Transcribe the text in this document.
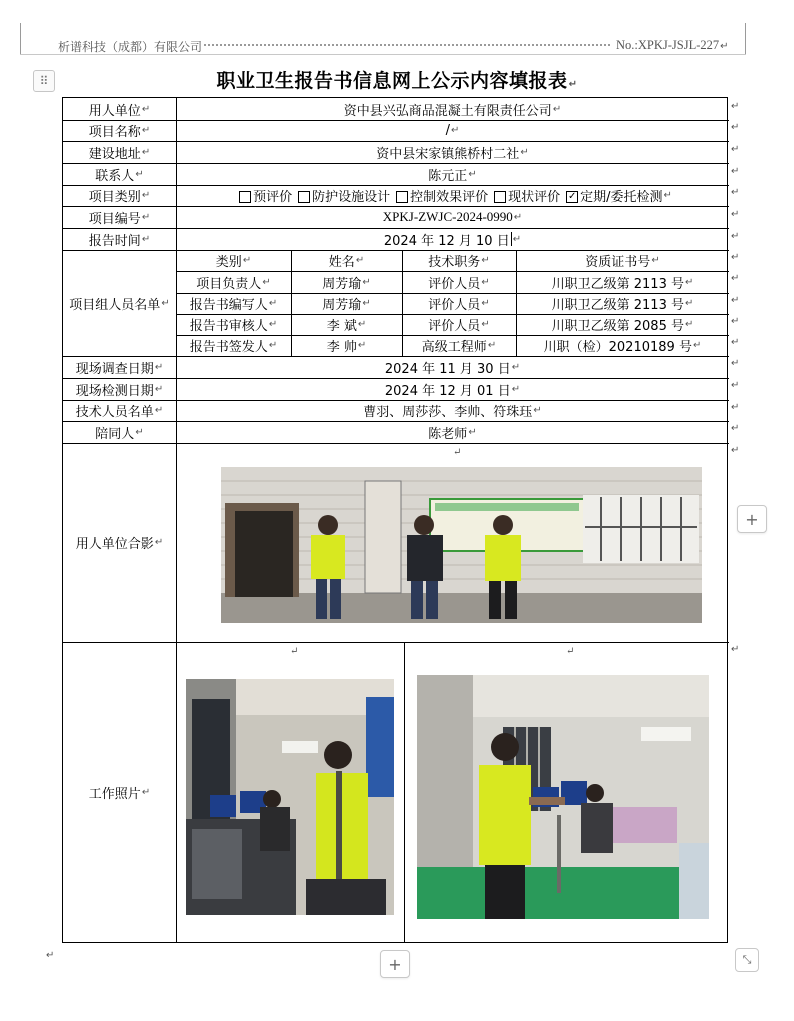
析谱科技（成都）有限公司	No.:XPKJ-JSJL-227↵
⠿	职业卫生报告书信息网上公示内容填报表↵
用人单位 ↵	资中县兴弘商品混凝土有限责任公司 ↵
项目名称 ↵	/ ↵
建设地址 ↵	资中县宋家镇熊桥村二社 ↵
联系人 ↵	陈元正 ↵
项目类别 ↵	预评价 防护设施设计 控制效果评价 现状评价 ✓ 定期/委托检测 ↵
项目编号 ↵	XPKJ-ZWJC-2024-0990 ↵
报告时间 ↵	2024 年 12 月 10 日 ↵
项目组人员名单 ↵
类别 ↵	姓名 ↵	技术职务 ↵	资质证书号 ↵
项目负责人 ↵	周芳瑜 ↵	评价人员 ↵	川职卫乙级第 2113 号 ↵
报告书编写人 ↵	周芳瑜 ↵	评价人员 ↵	川职卫乙级第 2113 号 ↵
报告书审核人 ↵	李 斌 ↵	评价人员 ↵	川职卫乙级第 2085 号 ↵
报告书签发人 ↵	李 帅 ↵	高级工程师 ↵	川职（检）20210189 号 ↵
现场调查日期 ↵	2024 年 11 月 30 日 ↵
现场检测日期 ↵	2024 年 12 月 01 日 ↵
技术人员名单 ↵	曹羽、周莎莎、李帅、符珠珏 ↵
陪同人 ↵	陈老师 ↵
用人单位合影 ↵
↵
工作照片 ↵
↵	↵
↵
↵
↵
↵
↵
↵
↵
↵
↵
↵
↵
↵
↵
↵
↵
↵
↵
↵
+
+	⤡
↵
